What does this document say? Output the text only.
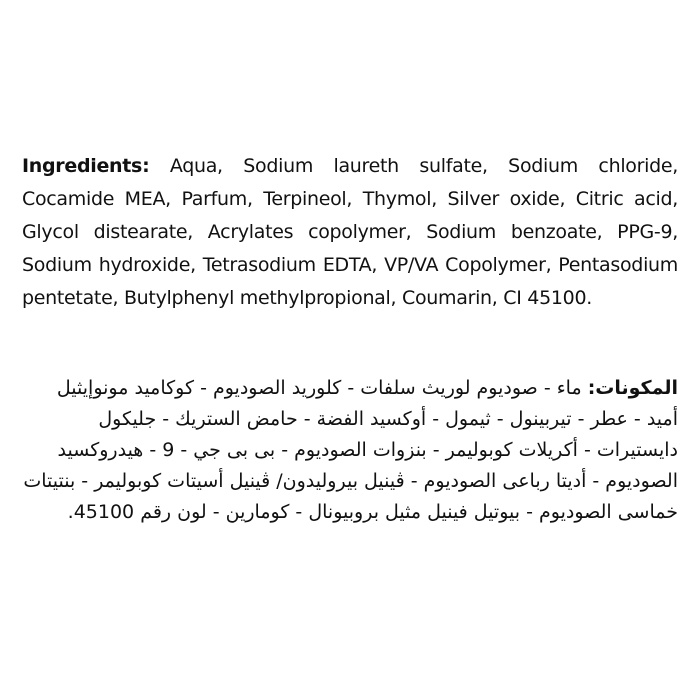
Ingredients: Aqua, Sodium laureth sulfate, Sodium chloride, Cocamide MEA, Parfum, Terpineol, Thymol, Silver oxide, Citric acid, Glycol distearate, Acrylates copolymer, Sodium benzoate, PPG-9, Sodium hydroxide, Tetrasodium EDTA, VP/VA Copolymer, Pentasodium pentetate, Butylphenyl methylpropional, Coumarin, CI 45100.
المكونات: ماء - صوديوم لوريث سلفات - كلوريد الصوديوم - كوكاميد مونوإيثيل أميد - عطر - تيربينول - ثيمول - أوكسيد الفضة - حامض الستريك - جليكول دايستيرات - أكريلات كوبوليمر - بنزوات الصوديوم - بى بى جي - 9 - هيدروكسيد الصوديوم - أديتا رباعى الصوديوم - ڤينيل بيروليدون/ ڤينيل أسيتات كوبوليمر - بنتيتات خماسى الصوديوم - بيوتيل فينيل مثيل بروبيونال - كومارين - لون رقم 45100.
